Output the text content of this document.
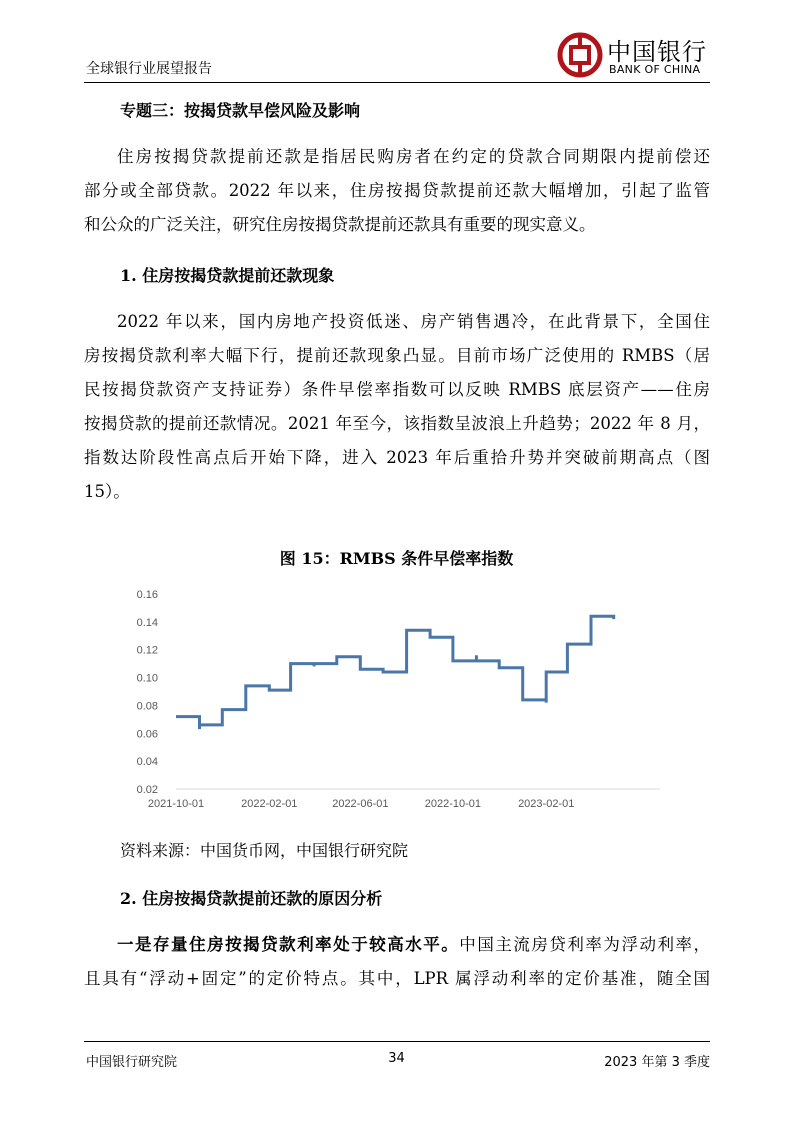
全球银行业展望报告
中国银行
BANK OF CHINA
专题三：按揭贷款早偿风险及影响
住房按揭贷款提前还款是指居民购房者在约定的贷款合同期限内提前偿还
部分或全部贷款。2022 年以来，住房按揭贷款提前还款大幅增加，引起了监管
和公众的广泛关注，研究住房按揭贷款提前还款具有重要的现实意义。
1. 住房按揭贷款提前还款现象
2022 年以来，国内房地产投资低迷、房产销售遇冷，在此背景下，全国住
房按揭贷款利率大幅下行，提前还款现象凸显。目前市场广泛使用的 RMBS（居
民按揭贷款资产支持证券）条件早偿率指数可以反映 RMBS 底层资产——住房
按揭贷款的提前还款情况。2021 年至今，该指数呈波浪上升趋势；2022 年 8 月，
指数达阶段性高点后开始下降，进入 2023 年后重拾升势并突破前期高点（图
15）。
图 15：RMBS 条件早偿率指数
0.16
0.14
0.12
0.10
0.08
0.06
0.04
0.02
2021-10-01	2022-02-01	2022-06-01	2022-10-01	2023-02-01
资料来源：中国货币网，中国银行研究院
2. 住房按揭贷款提前还款的原因分析
一是存量住房按揭贷款利率处于较高水平。中国主流房贷利率为浮动利率，
且具有“浮动+固定”的定价特点。其中，LPR 属浮动利率的定价基准，随全国
中国银行研究院	34	2023 年第 3 季度
